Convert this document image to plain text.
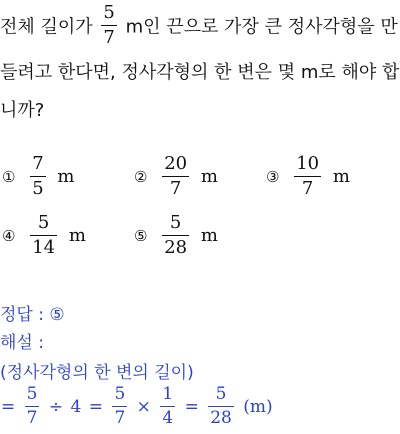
전체 길이가 $\frac{5}{7}$ m인 끈으로 가장 큰 정사각형을 만
들려고 한다면, 정사각형의 한 변은 몇 m로 해야 합
니까?
① $\frac{7}{5}$ m	② $\frac{20}{7}$ m	③ $\frac{10}{7}$ m
④ $\frac{5}{14}$ m	⑤ $\frac{5}{28}$ m
정답 : ⑤
해설 :
(정사각형의 한 변의 길이)
= $\frac{5}{7} \div 4 = \frac{5}{7} \times \frac{1}{4} = \frac{5}{28} (m)$
